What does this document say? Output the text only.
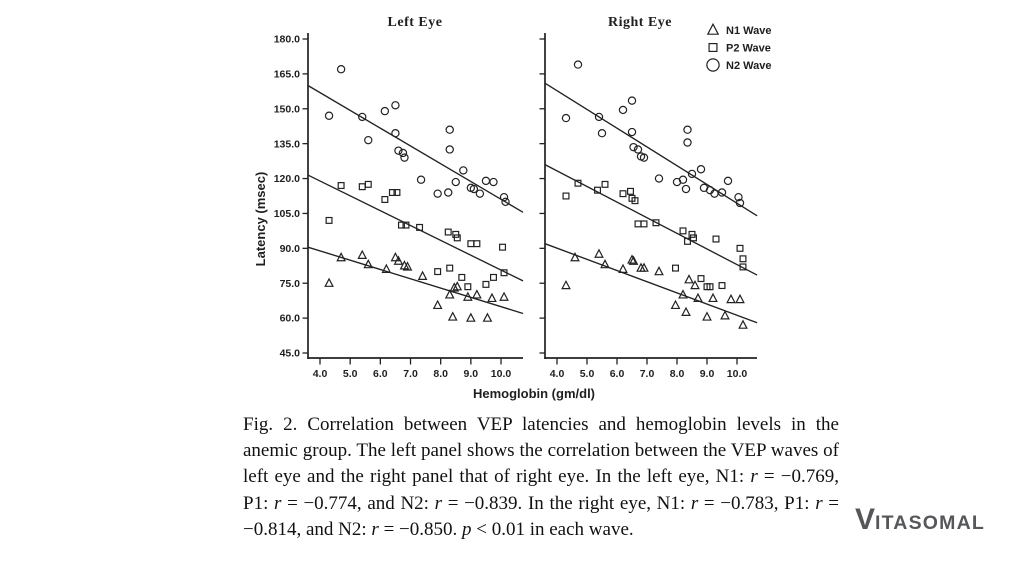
180.0
165.0
150.0
135.0
120.0
105.0
90.0
75.0
60.0
45.0
4.0 5.0 6.0 7.0 8.0 9.0 10.0
Left Eye
4.0 5.0 6.0 7.0 8.0 9.0 10.0
Right Eye
N1 Wave
P2 Wave
N2 Wave
Latency (msec)
Hemoglobin (gm/dl)
Fig. 2. Correlation between VEP latencies and hemoglobin levels in the anemic group. The left panel shows the correlation between the VEP waves of left eye and the right panel that of right eye. In the left eye, N1: r = −0.769, P1: r = −0.774, and N2: r = −0.839. In the right eye, N1: r = −0.783, P1: r = −0.814, and N2: r = −0.850. p < 0.01 in each wave.	VITASOMAL
